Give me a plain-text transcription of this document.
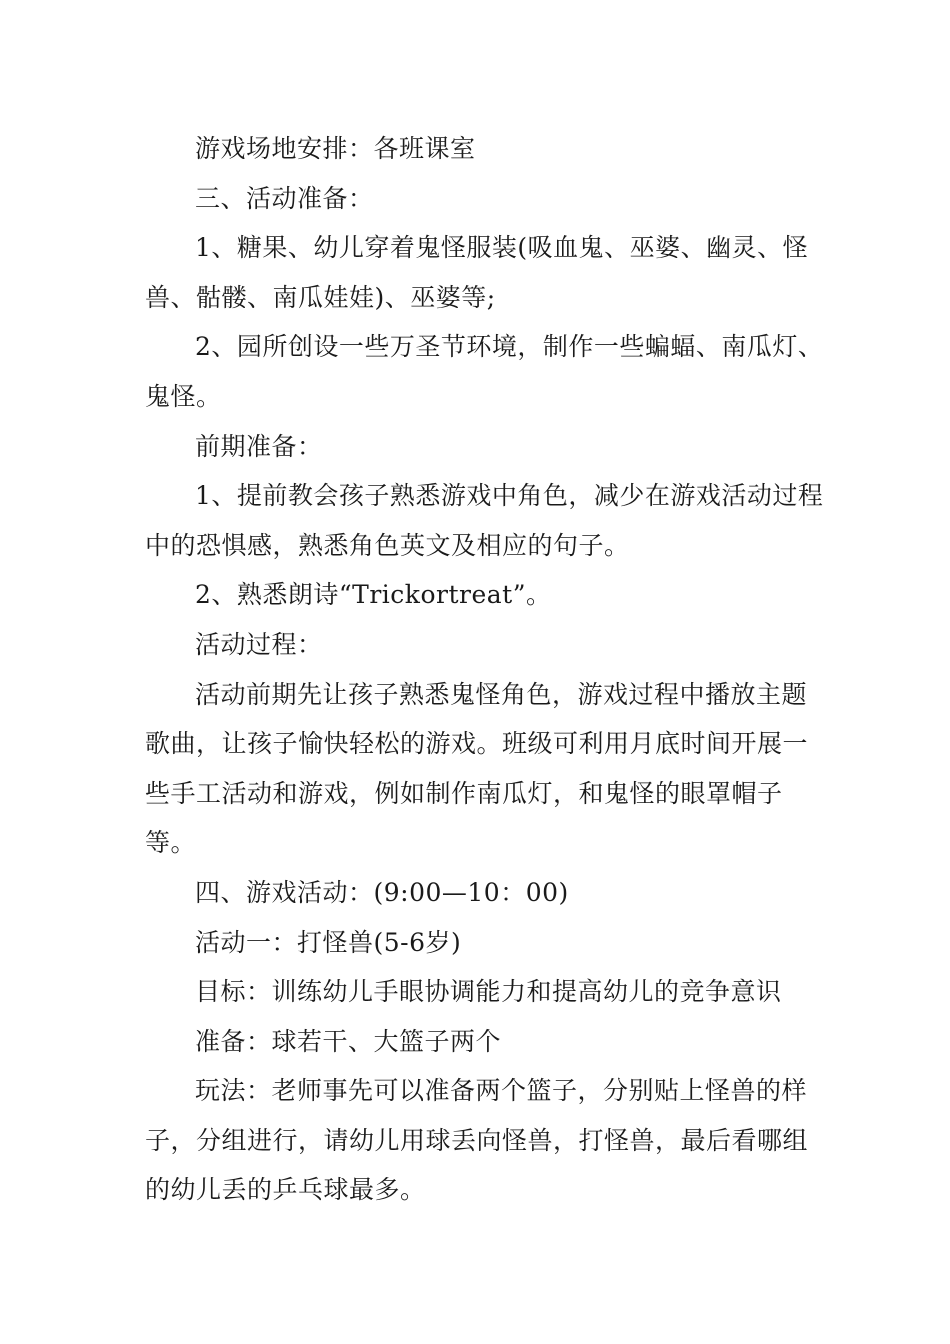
游戏场地安排：各班课室

三、活动准备：

1、糖果、幼儿穿着鬼怪服装(吸血鬼、巫婆、幽灵、怪兽、骷髅、南瓜娃娃)、巫婆等;

2、园所创设一些万圣节环境，制作一些蝙蝠、南瓜灯、鬼怪。

前期准备：

1、提前教会孩子熟悉游戏中角色，减少在游戏活动过程中的恐惧感，熟悉角色英文及相应的句子。

2、熟悉朗诗“Trickortreat”。

活动过程：

活动前期先让孩子熟悉鬼怪角色，游戏过程中播放主题歌曲，让孩子愉快轻松的游戏。班级可利用月底时间开展一些手工活动和游戏，例如制作南瓜灯，和鬼怪的眼罩帽子等。

四、游戏活动：(9:00—10：00)

活动一：打怪兽(5-6岁)

目标：训练幼儿手眼协调能力和提高幼儿的竞争意识

准备：球若干、大篮子两个

玩法：老师事先可以准备两个篮子，分别贴上怪兽的样子，分组进行，请幼儿用球丢向怪兽，打怪兽，最后看哪组的幼儿丢的乒乓球最多。
